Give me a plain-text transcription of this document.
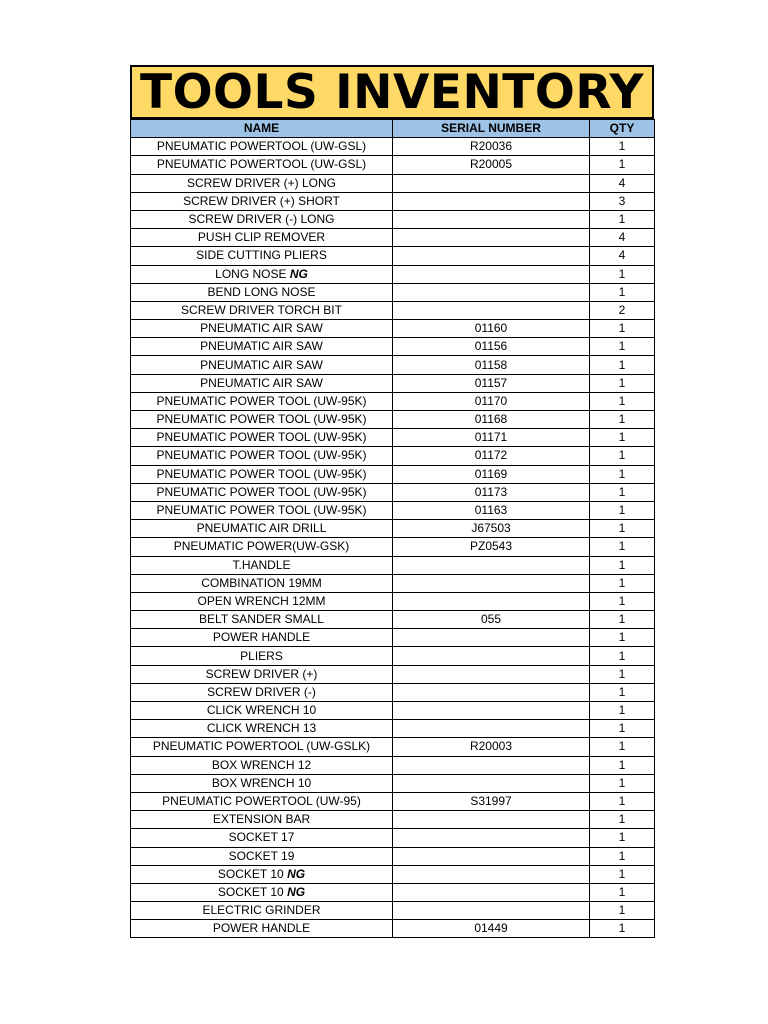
TOOLS INVENTORY
NAME	SERIAL NUMBER	QTY
PNEUMATIC POWERTOOL (UW-GSL)	R20036	1
PNEUMATIC POWERTOOL (UW-GSL)	R20005	1
SCREW DRIVER (+) LONG		4
SCREW DRIVER (+) SHORT		3
SCREW DRIVER (-) LONG		1
PUSH CLIP REMOVER		4
SIDE CUTTING PLIERS		4
LONG NOSE NG		1
BEND LONG NOSE		1
SCREW DRIVER TORCH BIT		2
PNEUMATIC AIR SAW	01160	1
PNEUMATIC AIR SAW	01156	1
PNEUMATIC AIR SAW	01158	1
PNEUMATIC AIR SAW	01157	1
PNEUMATIC POWER TOOL (UW-95K)	01170	1
PNEUMATIC POWER TOOL (UW-95K)	01168	1
PNEUMATIC POWER TOOL (UW-95K)	01171	1
PNEUMATIC POWER TOOL (UW-95K)	01172	1
PNEUMATIC POWER TOOL (UW-95K)	01169	1
PNEUMATIC POWER TOOL (UW-95K)	01173	1
PNEUMATIC POWER TOOL (UW-95K)	01163	1
PNEUMATIC AIR DRILL	J67503	1
PNEUMATIC POWER(UW-GSK)	PZ0543	1
T.HANDLE		1
COMBINATION 19MM		1
OPEN WRENCH 12MM		1
BELT SANDER SMALL	055	1
POWER HANDLE		1
PLIERS		1
SCREW DRIVER (+)		1
SCREW DRIVER (-)		1
CLICK WRENCH 10		1
CLICK WRENCH 13		1
PNEUMATIC POWERTOOL (UW-GSLK)	R20003	1
BOX WRENCH 12		1
BOX WRENCH 10		1
PNEUMATIC POWERTOOL (UW-95)	S31997	1
EXTENSION BAR		1
SOCKET 17		1
SOCKET 19		1
SOCKET 10 NG		1
SOCKET 10 NG		1
ELECTRIC GRINDER		1
POWER HANDLE	01449	1
